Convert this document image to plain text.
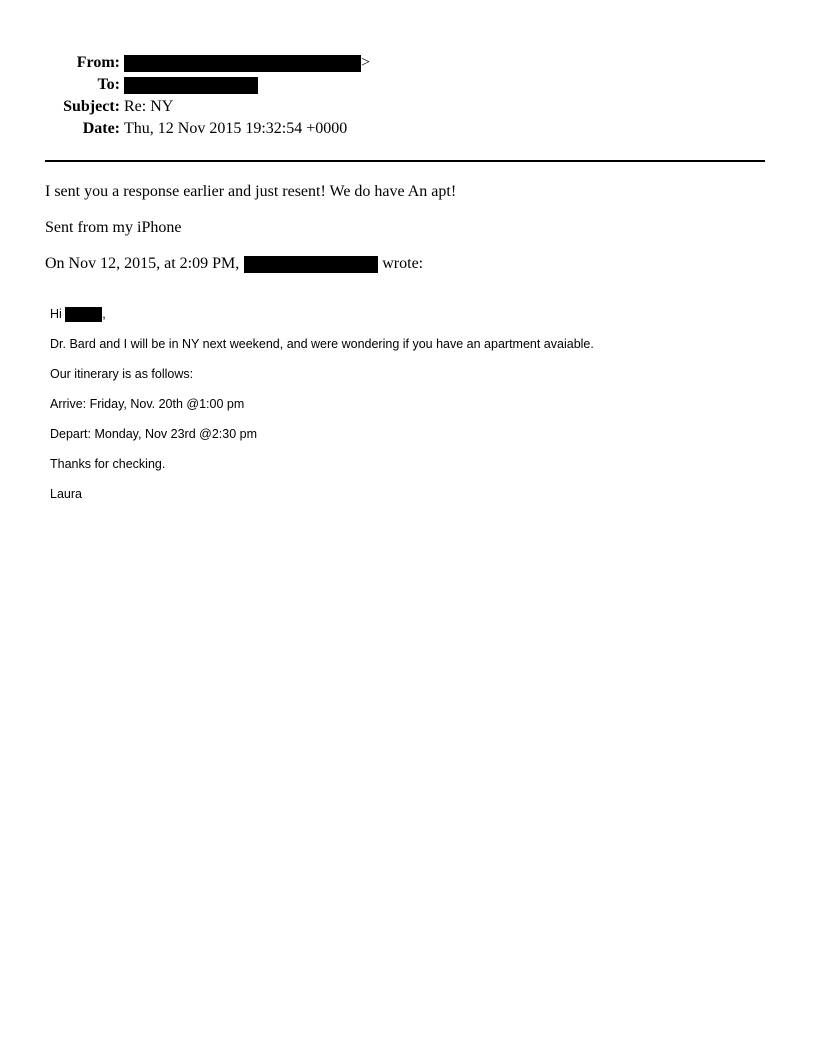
From:	>
To:
Subject: Re: NY
Date: Thu, 12 Nov 2015 19:32:54 +0000
I sent you a response earlier and just resent! We do have An apt!
Sent from my iPhone
On Nov 12, 2015, at 2:09 PM,	wrote:
Hi	,
Dr. Bard and I will be in NY next weekend, and were wondering if you have an apartment avaiable.
Our itinerary is as follows:
Arrive: Friday, Nov. 20th @1:00 pm
Depart: Monday, Nov 23rd @2:30 pm
Thanks for checking.
Laura
